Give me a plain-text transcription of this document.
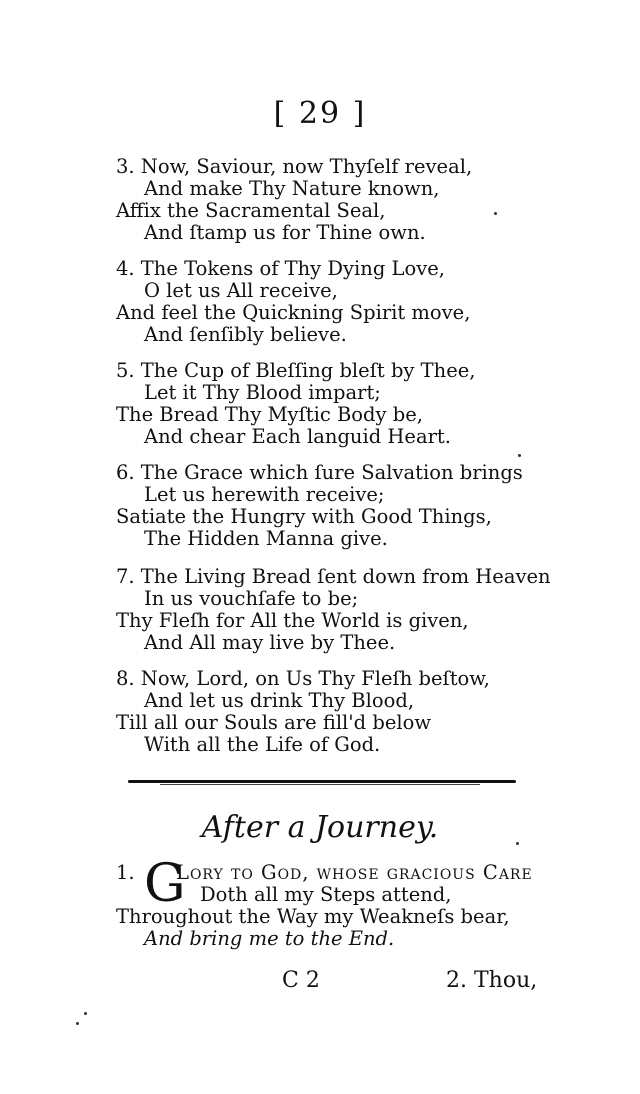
[ 29 ]
3. Now, Saviour, now Thyſelf reveal,
And make Thy Nature known,
Affix the Sacramental Seal,
And ſtamp us for Thine own.
4. The Tokens of Thy Dying Love,
O let us All receive,
And feel the Quickning Spirit move,
And ſenſibly believe.
5. The Cup of Bleſſing bleſt by Thee,
Let it Thy Blood impart;
The Bread Thy Myſtic Body be,
And chear Each languid Heart.
6. The Grace which ſure Salvation brings
Let us herewith receive;
Satiate the Hungry with Good Things,
The Hidden Manna give.
7. The Living Bread ſent down from Heaven
In us vouchſafe to be;
Thy Fleſh for All the World is given,
And All may live by Thee.
8. Now, Lord, on Us Thy Fleſh beſtow,
And let us drink Thy Blood,
Till all our Souls are fill'd below
With all the Life of God.
After a Journey.
1. G
Lory to God, whoſe gracious Care
Doth all my Steps attend,
Throughout the Way my Weakneſs bear,
And bring me to the End.
C 2	2. Thou,
